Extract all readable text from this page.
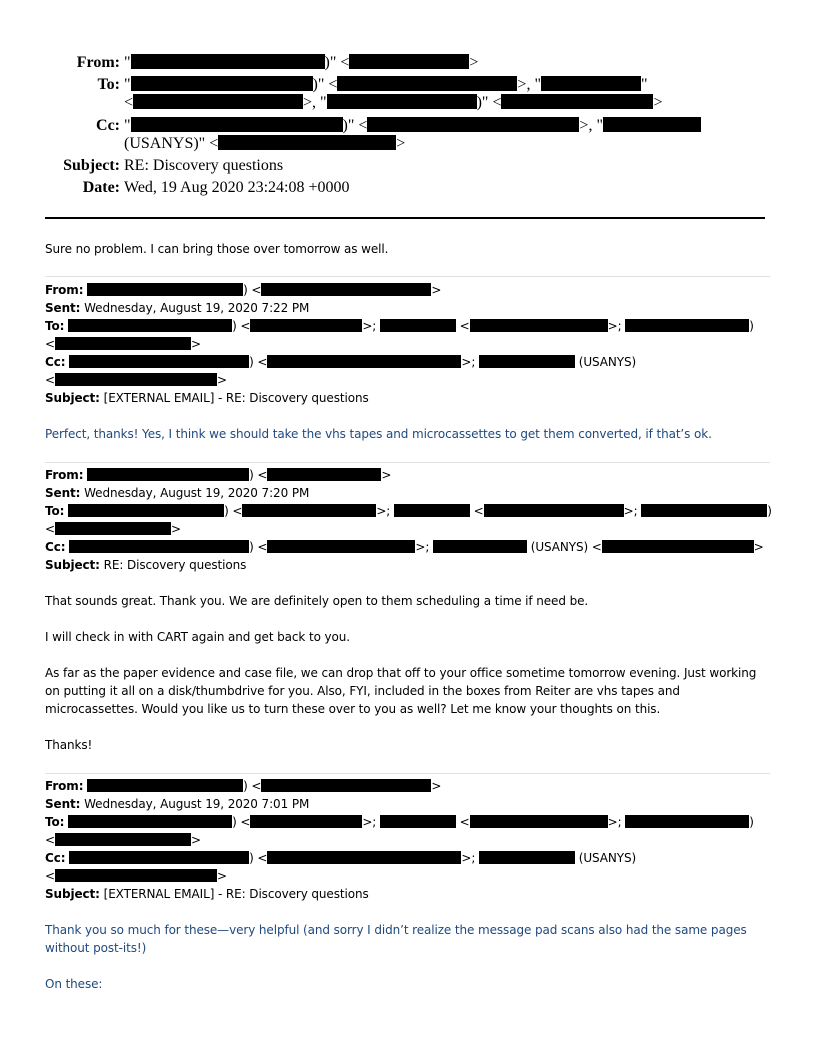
From: "	)" <	>
To: "	)" <	>, "	"
<	>, "	)" <	>
Cc: "	)" <	>, "
(USANYS)" <	>
Subject: RE: Discovery questions
Date: Wed, 19 Aug 2020 23:24:08 +0000
Sure no problem. I can bring those over tomorrow as well.
From:	) <	>
Sent: Wednesday, August 19, 2020 7:22 PM
To:	) <	>;	<	>;	)
<	>
Cc:	) <	>;	(USANYS)
<	>
Subject: [EXTERNAL EMAIL] - RE: Discovery questions
Perfect, thanks! Yes, I think we should take the vhs tapes and microcassettes to get them converted, if that’s ok.
From:	) <	>
Sent: Wednesday, August 19, 2020 7:20 PM
To:	) <	>;	<	>;	)
<	>
Cc:	) <	>;	(USANYS) <	>
Subject: RE: Discovery questions
That sounds great. Thank you. We are definitely open to them scheduling a time if need be.
I will check in with CART again and get back to you.
As far as the paper evidence and case file, we can drop that off to your office sometime tomorrow evening. Just working
on putting it all on a disk/thumbdrive for you. Also, FYI, included in the boxes from Reiter are vhs tapes and
microcassettes. Would you like us to turn these over to you as well? Let me know your thoughts on this.
Thanks!
From:	) <	>
Sent: Wednesday, August 19, 2020 7:01 PM
To:	) <	>;	<	>;	)
<	>
Cc:	) <	>;	(USANYS)
<	>
Subject: [EXTERNAL EMAIL] - RE: Discovery questions
Thank you so much for these—very helpful (and sorry I didn’t realize the message pad scans also had the same pages
without post-its!)
On these:
